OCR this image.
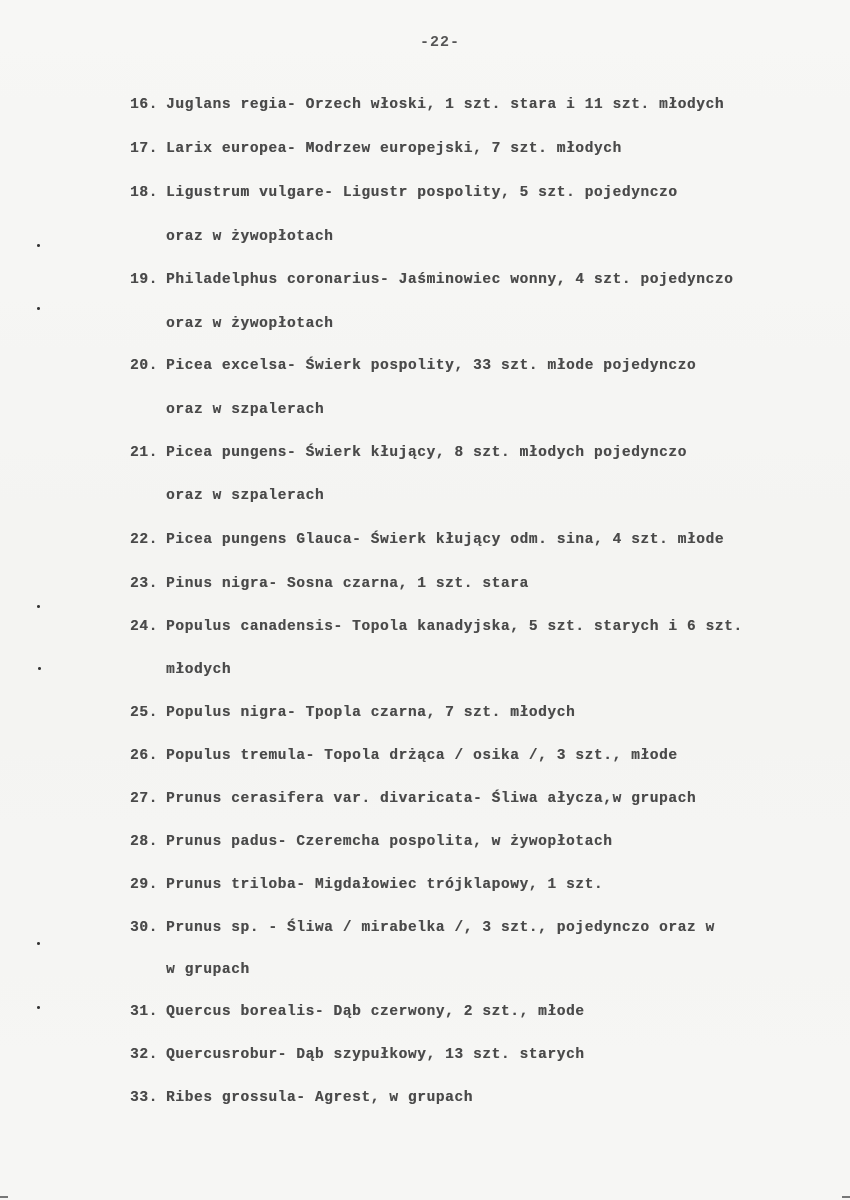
-22-
16. Juglans regia- Orzech włoski, 1 szt. stara i 11 szt. młodych
17. Larix europea- Modrzew europejski, 7 szt. młodych
18. Ligustrum vulgare- Ligustr pospolity, 5 szt. pojedynczo
oraz w żywopłotach
19. Philadelphus coronarius- Jaśminowiec wonny, 4 szt. pojedynczo
oraz w żywopłotach
20. Picea excelsa- Świerk pospolity, 33 szt. młode pojedynczo
oraz w szpalerach
21. Picea pungens- Świerk kłujący, 8 szt. młodych pojedynczo
oraz w szpalerach
22. Picea pungens Glauca- Świerk kłujący odm. sina, 4 szt. młode
23. Pinus nigra- Sosna czarna, 1 szt. stara
24. Populus canadensis- Topola kanadyjska, 5 szt. starych i 6 szt.
młodych
25. Populus nigra- Tpopla czarna, 7 szt. młodych
26. Populus tremula- Topola drżąca / osika /, 3 szt., młode
27. Prunus cerasifera var. divaricata- Śliwa ałycza,w grupach
28. Prunus padus- Czeremcha pospolita, w żywopłotach
29. Prunus triloba- Migdałowiec trójklapowy, 1 szt.
30. Prunus sp. - Śliwa / mirabelka /, 3 szt., pojedynczo oraz w
w grupach
31. Quercus borealis- Dąb czerwony, 2 szt., młode
32. Quercusrobur- Dąb szypułkowy, 13 szt. starych
33. Ribes grossula- Agrest, w grupach
